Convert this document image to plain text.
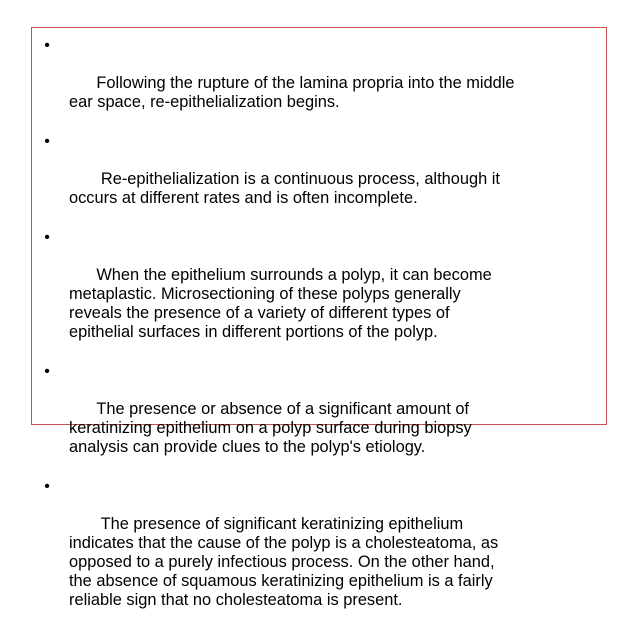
•

Following the rupture of the lamina propria into the middle
ear space, re-epithelialization begins.

•

Re-epithelialization is a continuous process, although it
occurs at different rates and is often incomplete.

•

When the epithelium surrounds a polyp, it can become
metaplastic. Microsectioning of these polyps generally
reveals the presence of a variety of different types of
epithelial surfaces in different portions of the polyp.

•

The presence or absence of a significant amount of
keratinizing epithelium on a polyp surface during biopsy
analysis can provide clues to the polyp's etiology.

•

The presence of significant keratinizing epithelium
indicates that the cause of the polyp is a cholesteatoma, as
opposed to a purely infectious process. On the other hand,
the absence of squamous keratinizing epithelium is a fairly
reliable sign that no cholesteatoma is present.
